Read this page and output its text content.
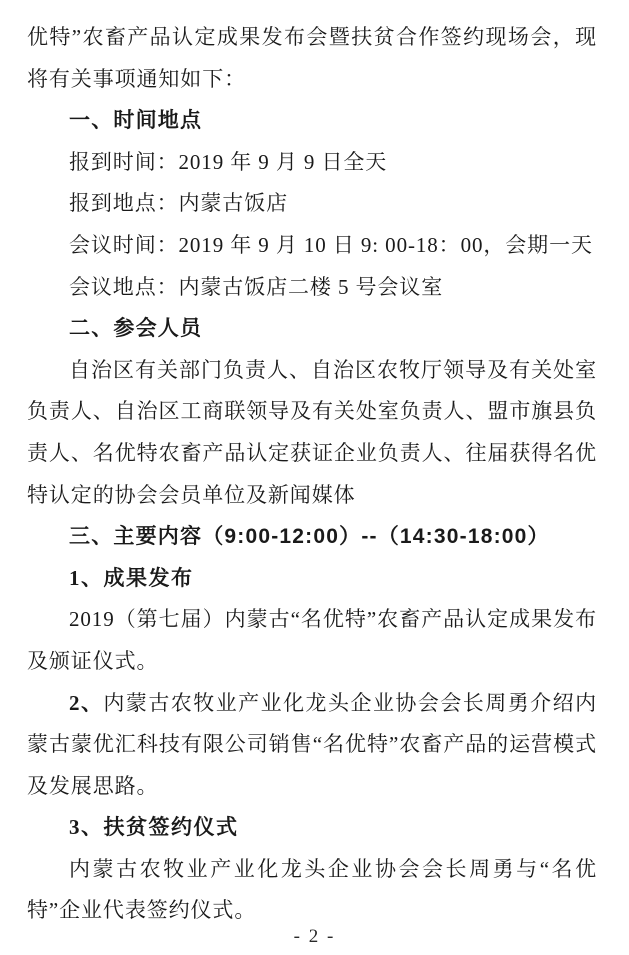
优特”农畜产品认定成果发布会暨扶贫合作签约现场会，现将有关事项通知如下：

一、时间地点

报到时间：2019 年 9 月 9 日全天

报到地点：内蒙古饭店

会议时间：2019 年 9 月 10 日 9: 00-18：00，会期一天

会议地点：内蒙古饭店二楼 5 号会议室

二、参会人员

自治区有关部门负责人、自治区农牧厅领导及有关处室负责人、自治区工商联领导及有关处室负责人、盟市旗县负责人、名优特农畜产品认定获证企业负责人、往届获得名优特认定的协会会员单位及新闻媒体

三、主要内容（9:00-12:00）--（14:30-18:00）

1、成果发布

2019（第七届）内蒙古“名优特”农畜产品认定成果发布及颁证仪式。

2、内蒙古农牧业产业化龙头企业协会会长周勇介绍内蒙古蒙优汇科技有限公司销售“名优特”农畜产品的运营模式及发展思路。

3、扶贫签约仪式

内蒙古农牧业产业化龙头企业协会会长周勇与“名优特”企业代表签约仪式。

- 2 -
